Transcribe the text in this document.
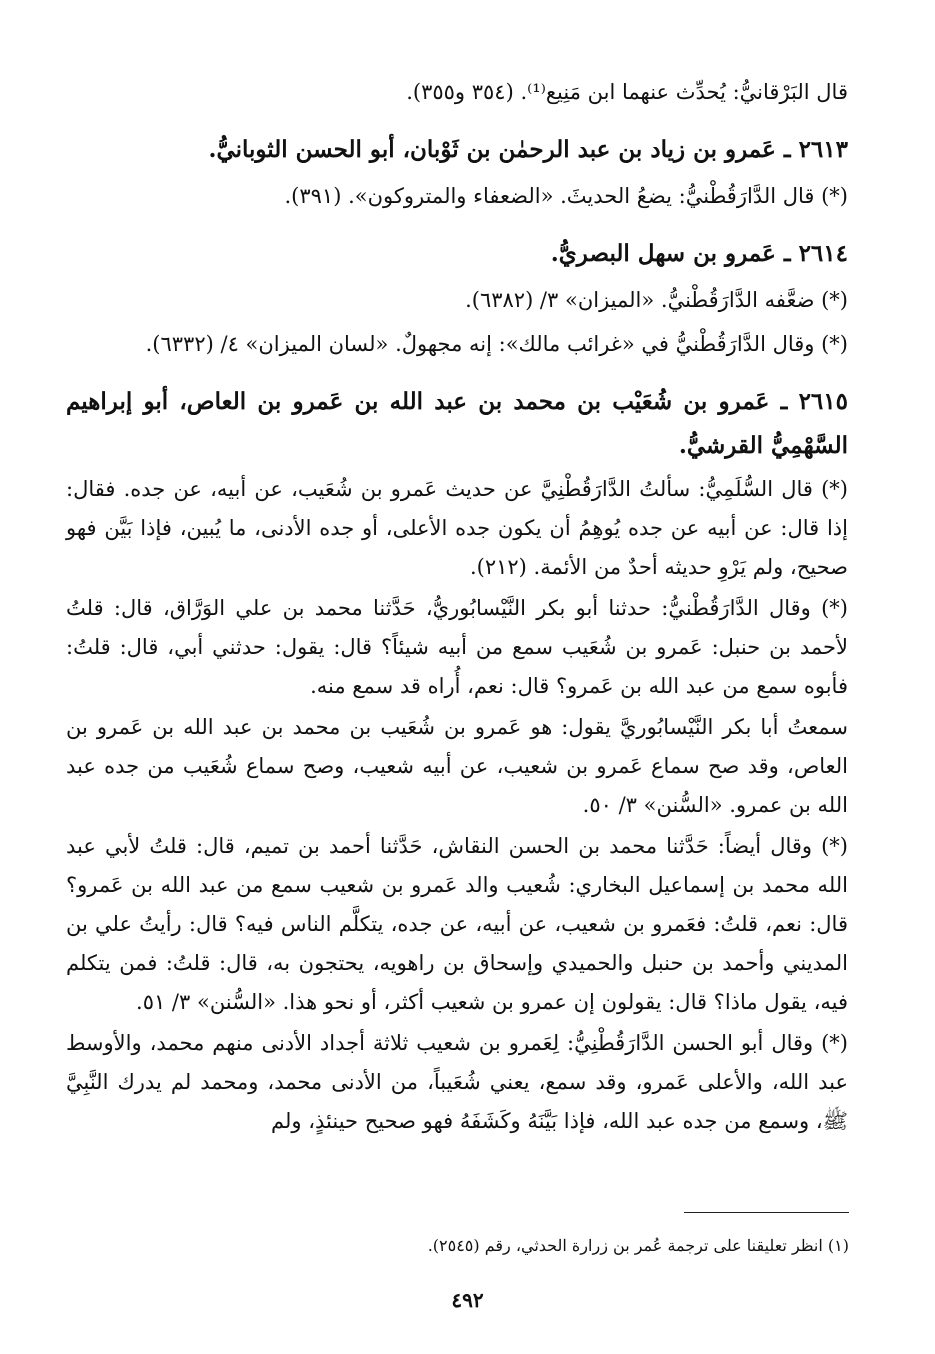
قال البَرْقانيُّ: يُحدِّث عنهما ابن مَنِيع⁽¹⁾. (٣٥٤ و٣٥٥).

٢٦١٣ ـ عَمرو بن زياد بن عبد الرحمٰن بن ثَوْبان، أبو الحسن الثوبانيُّ.

(*) قال الدَّارَقُطْنيُّ: يضعُ الحديثَ. «الضعفاء والمتروكون». (٣٩١).

٢٦١٤ ـ عَمرو بن سهل البصريُّ.

(*) ضعَّفه الدَّارَقُطْنيُّ. «الميزان» ٣/ (٦٣٨٢).

(*) وقال الدَّارَقُطْنيُّ في «غرائب مالك»: إنه مجهولٌ. «لسان الميزان» ٤/ (٦٣٣٢).

٢٦١٥ ـ عَمرو بن شُعَيْب بن محمد بن عبد الله بن عَمرو بن العاص، أبو إبراهيم السَّهْمِيُّ القرشيُّ.

(*) قال السُّلَمِيُّ: سألتُ الدَّارَقُطْنِيَّ عن حديث عَمرو بن شُعَيب، عن أبيه، عن جده. فقال: إذا قال: عن أبيه عن جده يُوهِمُ أن يكون جده الأعلى، أو جده الأدنى، ما يُبين، فإذا بَيَّن فهو صحيح، ولم يَرْوِ حديثه أحدٌ من الأئمة. (٢١٢).

(*) وقال الدَّارَقُطْنيُّ: حدثنا أبو بكر النَّيْسابُوريُّ، حَدَّثنا محمد بن علي الوَرَّاق، قال: قلتُ لأحمد بن حنبل: عَمرو بن شُعَيب سمع من أبيه شيئاً؟ قال: يقول: حدثني أبي، قال: قلتُ: فأبوه سمع من عبد الله بن عَمرو؟ قال: نعم، أُراه قد سمع منه.

سمعتُ أبا بكر النَّيْسابُوريَّ يقول: هو عَمرو بن شُعَيب بن محمد بن عبد الله بن عَمرو بن العاص، وقد صح سماع عَمرو بن شعيب، عن أبيه شعيب، وصح سماع شُعَيب من جده عبد الله بن عمرو. «السُّنن» ٣/ ٥٠.

(*) وقال أيضاً: حَدَّثنا محمد بن الحسن النقاش، حَدَّثنا أحمد بن تميم، قال: قلتُ لأبي عبد الله محمد بن إسماعيل البخاري: شُعيب والد عَمرو بن شعيب سمع من عبد الله بن عَمرو؟ قال: نعم، قلتُ: فعَمرو بن شعيب، عن أبيه، عن جده، يتكلَّم الناس فيه؟ قال: رأيتُ علي بن المديني وأحمد بن حنبل والحميدي وإسحاق بن راهويه، يحتجون به، قال: قلتُ: فمن يتكلم فيه، يقول ماذا؟ قال: يقولون إن عمرو بن شعيب أكثر، أو نحو هذا. «السُّنن» ٣/ ٥١.

(*) وقال أبو الحسن الدَّارَقُطْنِيُّ: لِعَمرو بن شعيب ثلاثة أجداد الأدنى منهم محمد، والأوسط عبد الله، والأعلى عَمرو، وقد سمع، يعني شُعَيباً، من الأدنى محمد، ومحمد لم يدرك النَّبِيَّ ﷺ، وسمع من جده عبد الله، فإذا بَيَّنَهُ وكَشَفَهُ فهو صحيح حينئذٍ، ولم

(١) انظر تعليقنا على ترجمة عُمر بن زرارة الحدثي، رقم (٢٥٤٥).
٤٩٢
